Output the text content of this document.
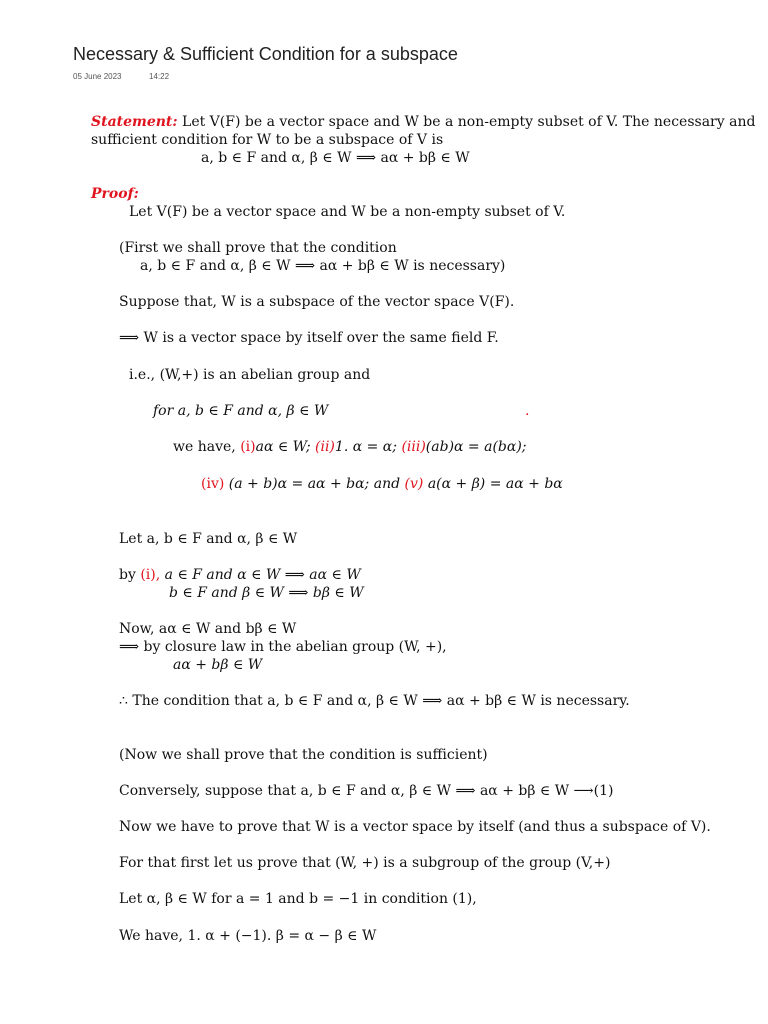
Necessary & Sufficient Condition for a subspace
05 June 2023	14:22
Statement: Let V(F) be a vector space and W be a non-empty subset of V. The necessary and
sufficient condition for W to be a subspace of V is
a, b ∈ F and α, β ∈ W ⟹ aα + bβ ∈ W
Proof:
Let V(F) be a vector space and W be a non-empty subset of V.
(First we shall prove that the condition
a, b ∈ F and α, β ∈ W ⟹ aα + bβ ∈ W is necessary)
Suppose that, W is a subspace of the vector space V(F).
⟹ W is a vector space by itself over the same field F.
i.e., (W,+) is an abelian group and
for a, b ∈ F and α, β ∈ W	.
we have, (i)aα ∈ W; (ii)1. α = α; (iii)(ab)α = a(bα);
(iv) (a + b)α = aα + bα; and (v) a(α + β) = aα + bα
Let a, b ∈ F and α, β ∈ W
by (i), a ∈ F and α ∈ W ⟹ aα ∈ W
b ∈ F and β ∈ W ⟹ bβ ∈ W
Now, aα ∈ W and bβ ∈ W
⟹ by closure law in the abelian group (W, +),
aα + bβ ∈ W
∴ The condition that a, b ∈ F and α, β ∈ W ⟹ aα + bβ ∈ W is necessary.
(Now we shall prove that the condition is sufficient)
Conversely, suppose that a, b ∈ F and α, β ∈ W ⟹ aα + bβ ∈ W ⟶(1)
Now we have to prove that W is a vector space by itself (and thus a subspace of V).
For that first let us prove that (W, +) is a subgroup of the group (V,+)
Let α, β ∈ W for a = 1 and b = −1 in condition (1),
We have, 1. α + (−1). β = α − β ∈ W
